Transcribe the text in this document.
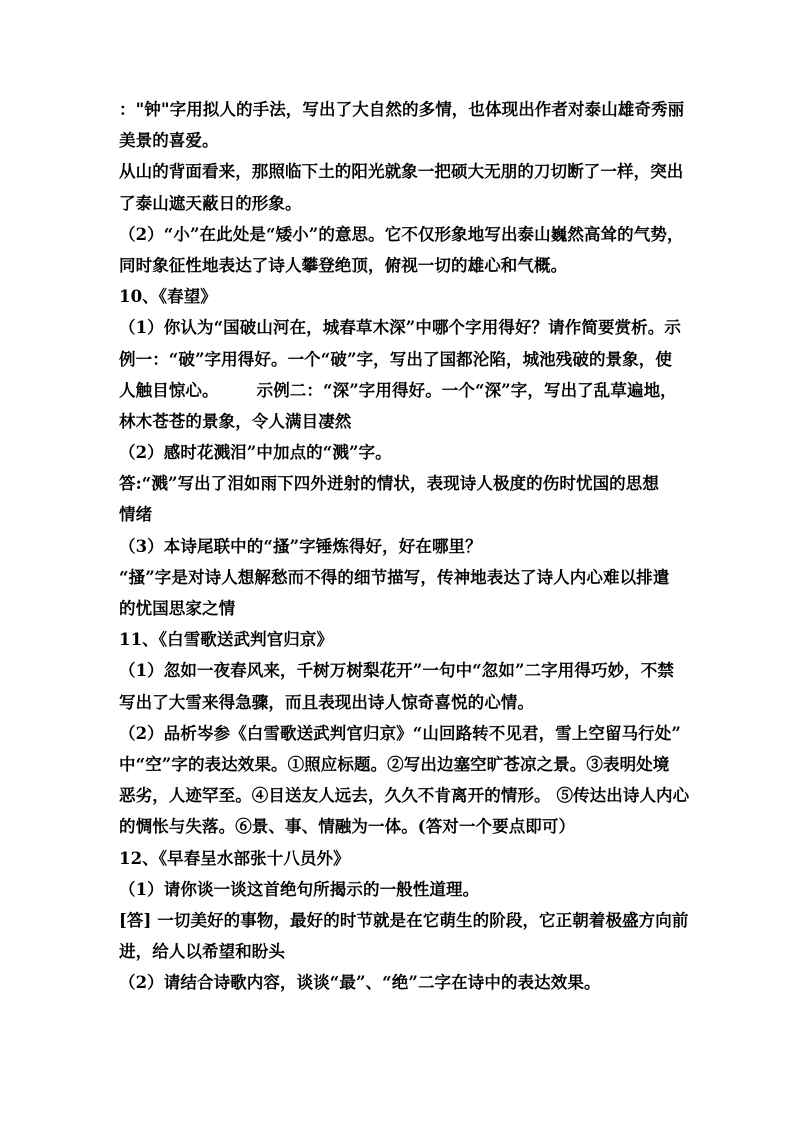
："钟"字用拟人的手法，写出了大自然的多情，也体现出作者对泰山雄奇秀丽
美景的喜爱。
从山的背面看来，那照临下土的阳光就象一把硕大无朋的刀切断了一样，突出
了泰山遮天蔽日的形象。
（2）“小”在此处是“矮小”的意思。它不仅形象地写出泰山巍然高耸的气势，
同时象征性地表达了诗人攀登绝顶，俯视一切的雄心和气概。
10、《春望》
（1）你认为“国破山河在，城春草木深”中哪个字用得好？请作简要赏析。示
例一：“破”字用得好。一个“破”字，写出了国都沦陷，城池残破的景象，使
人触目惊心。 示例二：“深”字用得好。一个“深”字，写出了乱草遍地，
林木苍苍的景象，令人满目凄然
（2）感时花溅泪”中加点的“溅”字。
答:“溅”写出了泪如雨下四外迸射的情状，表现诗人极度的伤时忧国的思想
情绪
（3）本诗尾联中的“搔”字锤炼得好，好在哪里？
“搔”字是对诗人想解愁而不得的细节描写，传神地表达了诗人内心难以排遣
的忧国思家之情
11、《白雪歌送武判官归京》
（1）忽如一夜春风来，千树万树梨花开”一句中“忽如”二字用得巧妙，不禁
写出了大雪来得急骤，而且表现出诗人惊奇喜悦的心情。
（2）品析岑参《白雪歌送武判官归京》“山回路转不见君，雪上空留马行处”
中“空”字的表达效果。①照应标题。②写出边塞空旷苍凉之景。③表明处境
恶劣，人迹罕至。④目送友人远去，久久不肯离开的情形。 ⑤传达出诗人内心
的惆怅与失落。⑥景、事、情融为一体。(答对一个要点即可）
12、《早春呈水部张十八员外》
（1）请你谈一谈这首绝句所揭示的一般性道理。
[答] 一切美好的事物，最好的时节就是在它萌生的阶段，它正朝着极盛方向前
进，给人以希望和盼头
（2）请结合诗歌内容，谈谈“最”、“绝”二字在诗中的表达效果。
